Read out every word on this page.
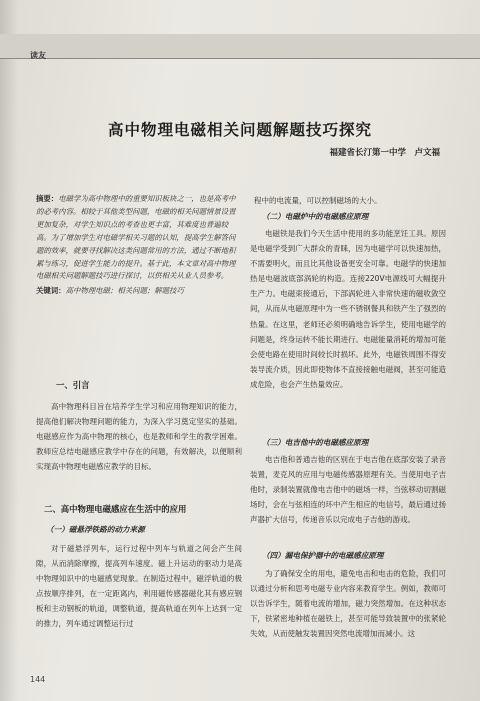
读友
高中物理电磁相关问题解题技巧探究
福建省长汀第一中学　卢文福
摘要：电磁学为高中物理中的重要知识板块之一，也是高考中的必考内容。相较于其他类型问题，电磁的相关问题情景设置更加复杂，对学生知识点的考查也更丰富，其难度也普遍较高。为了增加学生对电磁学相关习题的认知，提高学生解答问题的效率，就要寻找解决这类问题常用的方法，通过不断地积累与练习，促进学生能力的提升。基于此，本文章对高中物理电磁相关问题解题技巧进行探讨，以供相关从业人员参考。
关键词：高中物理电磁；相关问题；解题技巧
一、引言
高中物理科目旨在培养学生学习和应用物理知识的能力，提高他们解决物理问题的能力，为深入学习奠定坚实的基础。电磁感应作为高中物理的核心，也是教师和学生的教学困难。教师应总结电磁感应教学中存在的问题，有效解决，以便顺利实现高中物理电磁感应教学的目标。
二、高中物理电磁感应在生活中的应用
（一）磁悬浮铁路的动力来源
对于磁悬浮列车，运行过程中列车与轨道之间会产生间隙，从而消除摩擦，提高列车速度。磁上升运动的驱动力是高中物理知识中的电磁感觉现象。在制造过程中，磁浮轨道的极点按顺序排列，在一定距离内，利用磁传感器磁化其有感应钢板和主动钢板的轨道，调整轨道，提高轨道在列车上达到一定的推力，列车通过调整运行过
程中的电流量，可以控制磁场的大小。
（二）电磁炉中的电磁感应原理
电磁铁是我们今天生活中使用的多功能烹饪工具。原因是电磁学受到广大群众的青睐，因为电磁学可以快速加热，不需要明火，而且比其他设备更安全可靠。电磁学的快速加热是电磁波底部涡轮的构造。连接220V电源线可大幅提升生产力。电磁束接通后，下部涡轮进入非常快速的磁收敛空间，从而从电磁原理中为一些不锈钢餐具和铁产生了强烈的热量。在这里，老师还必须明确地告诉学生，使用电磁学的问题是，终身运转不能长期进行。电磁能量消耗的增加可能会使电路在使用时间较长时损坏。此外，电磁铁周围不得安装导流介质，因此即使物体不直接接触电磁阀，甚至可能造成危险，也会产生热量效应。
（三）电吉他中的电磁感应原理
电吉他和普通吉他的区别在于电吉他在底部安装了录音装置，麦克风的应用与电磁传感器原理有关。当使用电子吉他时，录制装置就像电吉他中的磁场一样，当弦移动切割磁场时，会在与弦相连的环中产生相应的电信号，最后通过扬声器扩大信号，传递音乐以完成电子吉他的游戏。
（四）漏电保护器中的电磁感应原理
为了确保安全的用电，避免电击和电击的危险，我们可以通过分析和思考电磁专业内容来教育学生。例如，教师可以告诉学生，随着电流的增加，磁力突然增加。在这种状态下，铁紧密地种植在磁铁上，甚至可能导致装置中的张紧轮失效，从而使触发装置因突然电流增加而减小。这
144
